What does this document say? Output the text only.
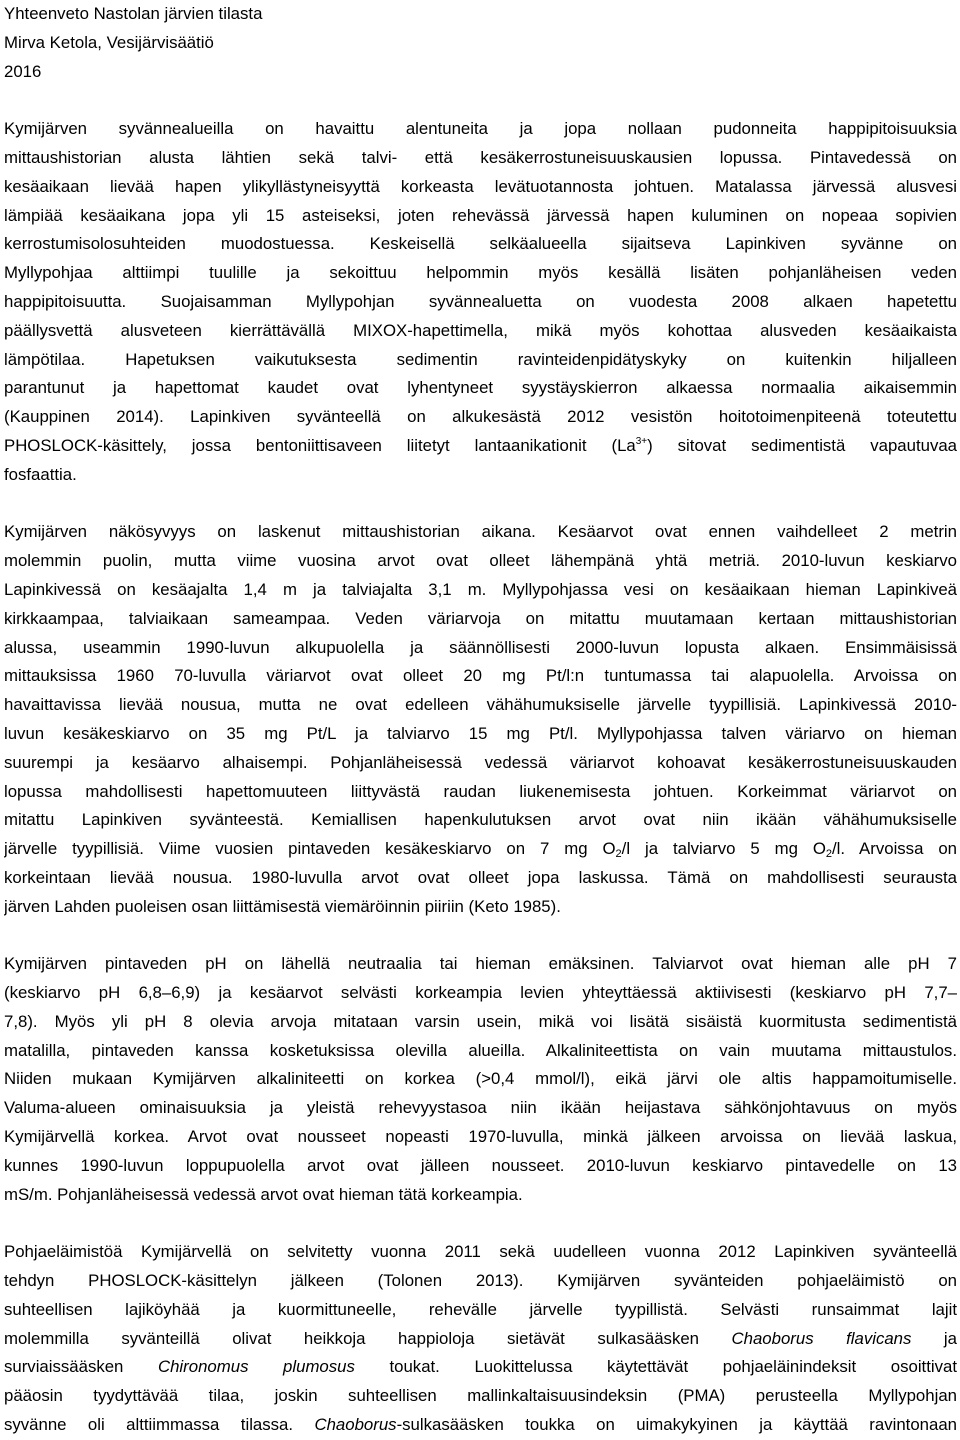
Yhteenveto Nastolan järvien tilasta

Mirva Ketola, Vesijärvisäätiö

2016

Kymijärven syvännealueilla on havaittu alentuneita ja jopa nollaan pudonneita happipitoisuuksia
mittaushistorian alusta lähtien sekä talvi- että kesäkerrostuneisuuskausien lopussa. Pintavedessä on
kesäaikaan lievää hapen ylikyllästyneisyyttä korkeasta levätuotannosta johtuen. Matalassa järvessä alusvesi
lämpiää kesäaikana jopa yli 15 asteiseksi, joten rehevässä järvessä hapen kuluminen on nopeaa sopivien
kerrostumisolosuhteiden muodostuessa. Keskeisellä selkäalueella sijaitseva Lapinkiven syvänne on
Myllypohjaa alttiimpi tuulille ja sekoittuu helpommin myös kesällä lisäten pohjanläheisen veden
happipitoisuutta. Suojaisamman Myllypohjan syvännealuetta on vuodesta 2008 alkaen hapetettu
päällysvettä alusveteen kierrättävällä MIXOX-hapettimella, mikä myös kohottaa alusveden kesäaikaista
lämpötilaa. Hapetuksen vaikutuksesta sedimentin ravinteidenpidätyskyky on kuitenkin hiljalleen
parantunut ja hapettomat kaudet ovat lyhentyneet syystäyskierron alkaessa normaalia aikaisemmin
(Kauppinen 2014). Lapinkiven syvänteellä on alkukesästä 2012 vesistön hoitotoimenpiteenä toteutettu
PHOSLOCK-käsittely, jossa bentoniittisaveen liitetyt lantaanikationit $(La^{3+})$ sitovat sedimentistä vapautuvaa
fosfaattia.
Kymijärven näkösyvyys on laskenut mittaushistorian aikana. Kesäarvot ovat ennen vaihdelleet 2 metrin
molemmin puolin, mutta viime vuosina arvot ovat olleet lähempänä yhtä metriä. 2010-luvun keskiarvo
Lapinkivessä on kesäajalta 1,4 m ja talviajalta 3,1 m. Myllypohjassa vesi on kesäaikaan hieman Lapinkiveä
kirkkaampaa, talviaikaan sameampaa. Veden väriarvoja on mitattu muutamaan kertaan mittaushistorian
alussa, useammin 1990-luvun alkupuolella ja säännöllisesti 2000-luvun lopusta alkaen. Ensimmäisissä
mittauksissa 1960 70-luvulla väriarvot ovat olleet 20 mg Pt/l:n tuntumassa tai alapuolella. Arvoissa on
havaittavissa lievää nousua, mutta ne ovat edelleen vähähumuksiselle järvelle tyypillisiä. Lapinkivessä 2010-
luvun kesäkeskiarvo on 35 mg Pt/L ja talviarvo 15 mg Pt/l. Myllypohjassa talven väriarvo on hieman
suurempi ja kesäarvo alhaisempi. Pohjanläheisessä vedessä väriarvot kohoavat kesäkerrostuneisuuskauden
lopussa mahdollisesti hapettomuuteen liittyvästä raudan liukenemisesta johtuen. Korkeimmat väriarvot on
mitattu Lapinkiven syvänteestä. Kemiallisen hapenkulutuksen arvot ovat niin ikään vähähumuksiselle
järvelle tyypillisiä. Viime vuosien pintaveden kesäkeskiarvo on 7 mg $O_2/l$ ja talviarvo 5 mg $O_2/l$. Arvoissa on
korkeintaan lievää nousua. 1980-luvulla arvot ovat olleet jopa laskussa. Tämä on mahdollisesti seurausta
järven Lahden puoleisen osan liittämisestä viemäröinnin piiriin (Keto 1985).
Kymijärven pintaveden pH on lähellä neutraalia tai hieman emäksinen. Talviarvot ovat hieman alle pH 7
(keskiarvo pH 6,8–6,9) ja kesäarvot selvästi korkeampia levien yhteyttäessä aktiivisesti (keskiarvo pH 7,7–
7,8). Myös yli pH 8 olevia arvoja mitataan varsin usein, mikä voi lisätä sisäistä kuormitusta sedimentistä
matalilla, pintaveden kanssa kosketuksissa olevilla alueilla. Alkaliniteettista on vain muutama mittaustulos.
Niiden mukaan Kymijärven alkaliniteetti on korkea (>0,4 mmol/l), eikä järvi ole altis happamoitumiselle.
Valuma-alueen ominaisuuksia ja yleistä rehevyystasoa niin ikään heijastava sähkönjohtavuus on myös
Kymijärvellä korkea. Arvot ovat nousseet nopeasti 1970-luvulla, minkä jälkeen arvoissa on lievää laskua,
kunnes 1990-luvun loppupuolella arvot ovat jälleen nousseet. 2010-luvun keskiarvo pintavedelle on 13
mS/m. Pohjanläheisessä vedessä arvot ovat hieman tätä korkeampia.
Pohjaeläimistöä Kymijärvellä on selvitetty vuonna 2011 sekä uudelleen vuonna 2012 Lapinkiven syvänteellä
tehdyn PHOSLOCK-käsittelyn jälkeen (Tolonen 2013). Kymijärven syvänteiden pohjaeläimistö on
suhteellisen lajiköyhää ja kuormittuneelle, rehevälle järvelle tyypillistä. Selvästi runsaimmat lajit
molemmilla syvänteillä olivat heikkoja happioloja sietävät sulkasääsken Chaoborus flavicans ja
surviaissääsken Chironomus plumosus toukat. Luokittelussa käytettävät pohjaeläinindeksit osoittivat
pääosin tyydyttävää tilaa, joskin suhteellisen mallinkaltaisuusindeksin (PMA) perusteella Myllypohjan
syvänne oli alttiimmassa tilassa. Chaoborus-sulkasääsken toukka on uimakykyinen ja käyttää ravintonaan
